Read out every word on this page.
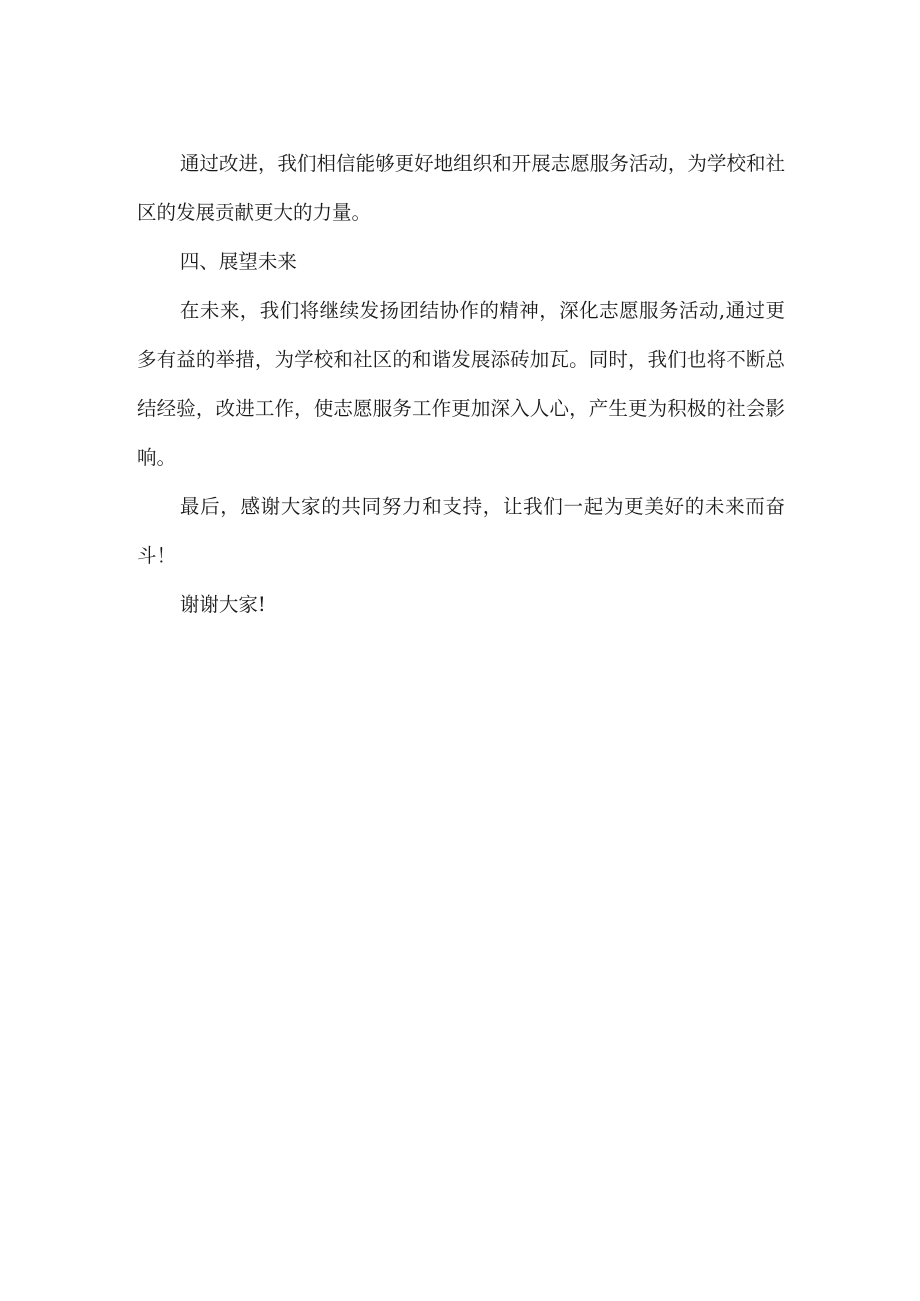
通过改进，我们相信能够更好地组织和开展志愿服务活动，为学校和社区的发展贡献更大的力量。

四、展望未来

在未来，我们将继续发扬团结协作的精神，深化志愿服务活动,通过更多有益的举措，为学校和社区的和谐发展添砖加瓦。同时，我们也将不断总结经验，改进工作，使志愿服务工作更加深入人心，产生更为积极的社会影响。

最后，感谢大家的共同努力和支持，让我们一起为更美好的未来而奋斗！

谢谢大家!
